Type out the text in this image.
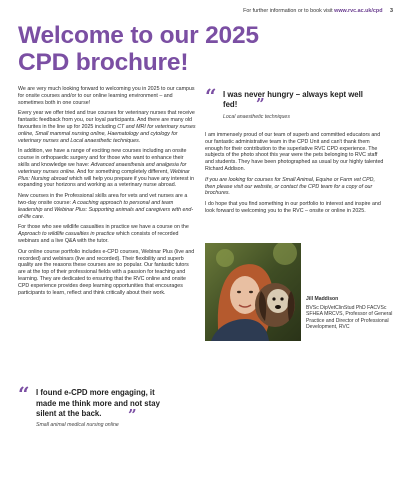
For further information or to book visit www.rvc.ac.uk/cpd 3
Welcome to our 2025
CPD brochure!

We are very much looking forward to welcoming you in 2025 to our campus for onsite courses and/or to our online learning environment – and sometimes both in one course!

Every year we offer tried and true courses for veterinary nurses that receive fantastic feedback from you, our loyal participants. And there are many old favourites in the line up for 2025 including CT and MRI for veterinary nurses online, Small mammal nursing online, Haematology and cytology for veterinary nurses and Local anaesthetic techniques.

In addition, we have a range of exciting new courses including an onsite course in orthopaedic surgery and for those who want to enhance their skills and knowledge we have: Advanced anaesthesia and analgesia for veterinary nurses online. And for something completely different, Webinar Plus: Nursing abroad which will help you prepare if you have any interest in expanding your horizons and working as a veterinary nurse abroad.

New courses in the Professional skills area for vets and vet nurses are a two-day onsite course: A coaching approach to personal and team leadership and Webinar Plus: Supporting animals and caregivers with end-of-life care.

For those who see wildlife casualties in practice we have a course on the Approach to wildlife casualties in practice which consists of recorded webinars and a live Q&A with the tutor.

Our online course portfolio includes e-CPD courses, Webinar Plus (live and recorded) and webinars (live and recorded). Their flexibility and superb quality are the reasons these courses are so popular. Our fantastic tutors are at the top of their professional fields with a passion for teaching and learning. They are dedicated to ensuring that the RVC online and onsite CPD experience provides deep learning opportunities that encourages participants to learn, reflect and think critically about their work.

“ I was never hungry – always kept well fed!	”
Local anaesthetic techniques

I am immensely proud of our team of superb and committed educators and our fantastic administrative team in the CPD Unit and can't thank them enough for their contribution to the superlative RVC CPD experience. The subjects of the photo shoot this year were the pets belonging to RVC staff and students. They have been photographed as usual by our highly talented Richard Addison.

If you are looking for courses for Small Animal, Equine or Farm vet CPD, then please visit our website, or contact the CPD team for a copy of our brochures.

I do hope that you find something in our portfolio to interest and inspire and look forward to welcoming you to the RVC – onsite or online in 2025.

Jill Maddison
BVSc DipVetClinStud PhD FACVSc SFHEA MRCVS, Professor of General Practice and Director of Professional Development, RVC
“ I found e-CPD more engaging, it made me think more and not stay silent at the back.	”
Small animal medical nursing online
